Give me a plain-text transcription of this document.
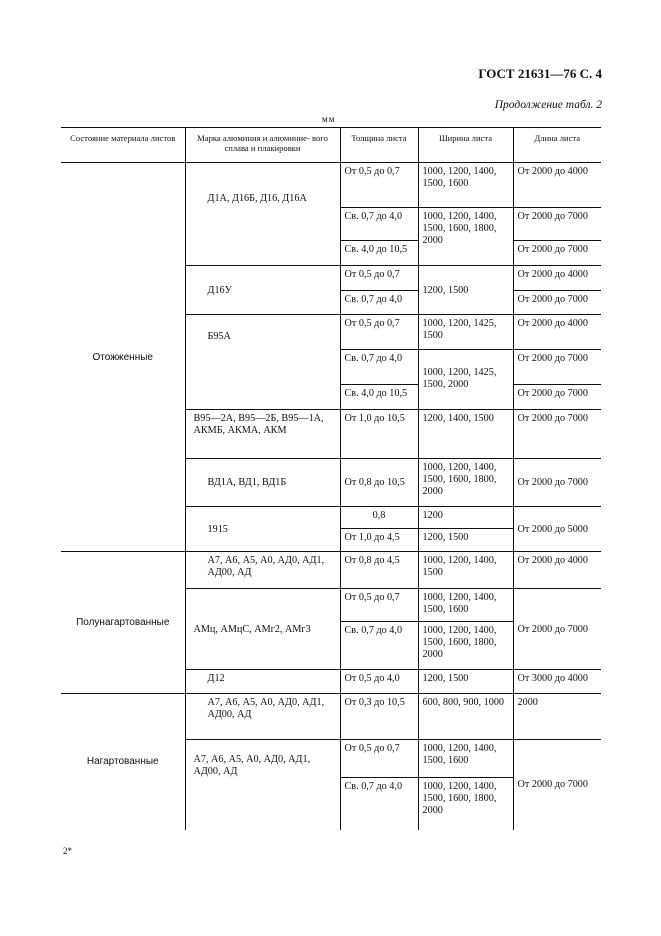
ГОСТ 21631—76 С. 4
Продолжение табл. 2
мм
Состояние материала листов	Марка алюминия и алюминие- вого сплава и плакировки	Толщина листа	Ширина листа	Длина листа
Отожженные	Д1А, Д16Б, Д16, Д16А	От 0,5 до 0,7	1000, 1200, 1400, 1500, 1600	От 2000 до 4000
		Св. 0,7 до 4,0	1000, 1200, 1400, 1500, 1600, 1800, 2000	От 2000 до 7000
		Св. 4,0 до 10,5		От 2000 до 7000
	Д16У	От 0,5 до 0,7	1200, 1500	От 2000 до 4000
		Св. 0,7 до 4,0		От 2000 до 7000
	Б95А	От 0,5 до 0,7	1000, 1200, 1425, 1500	От 2000 до 4000
		Св. 0,7 до 4,0	1000, 1200, 1425, 1500, 2000	От 2000 до 7000
		Св. 4,0 до 10,5		От 2000 до 7000
	В95—2А, В95—2Б, В95—1А, АКМБ, АКМА, АКМ	От 1,0 до 10,5	1200, 1400, 1500	От 2000 до 7000
	ВД1А, ВД1, ВД1Б	От 0,8 до 10,5	1000, 1200, 1400, 1500, 1600, 1800, 2000	От 2000 до 7000
	1915	0,8	1200	От 2000 до 5000
		От 1,0 до 4,5	1200, 1500	
Полунагартованные	А7, А6, А5, А0, АД0, АД1, АД00, АД	От 0,8 до 4,5	1000, 1200, 1400, 1500	От 2000 до 4000
	АМц, АМцС, АМг2, АМг3	От 0,5 до 0,7	1000, 1200, 1400, 1500, 1600	От 2000 до 7000
		Св. 0,7 до 4,0	1000, 1200, 1400, 1500, 1600, 1800, 2000	
	Д12	От 0,5 до 4,0	1200, 1500	От 3000 до 4000
Нагартованные	А7, А6, А5, А0, АД0, АД1, АД00, АД	От 0,3 до 10,5	600, 800, 900, 1000	2000
	А7, А6, А5, А0, АД0, АД1, АД00, АД	От 0,5 до 0,7	1000, 1200, 1400, 1500, 1600	От 2000 до 7000
		Св. 0,7 до 4,0	1000, 1200, 1400, 1500, 1600, 1800, 2000	
2*
